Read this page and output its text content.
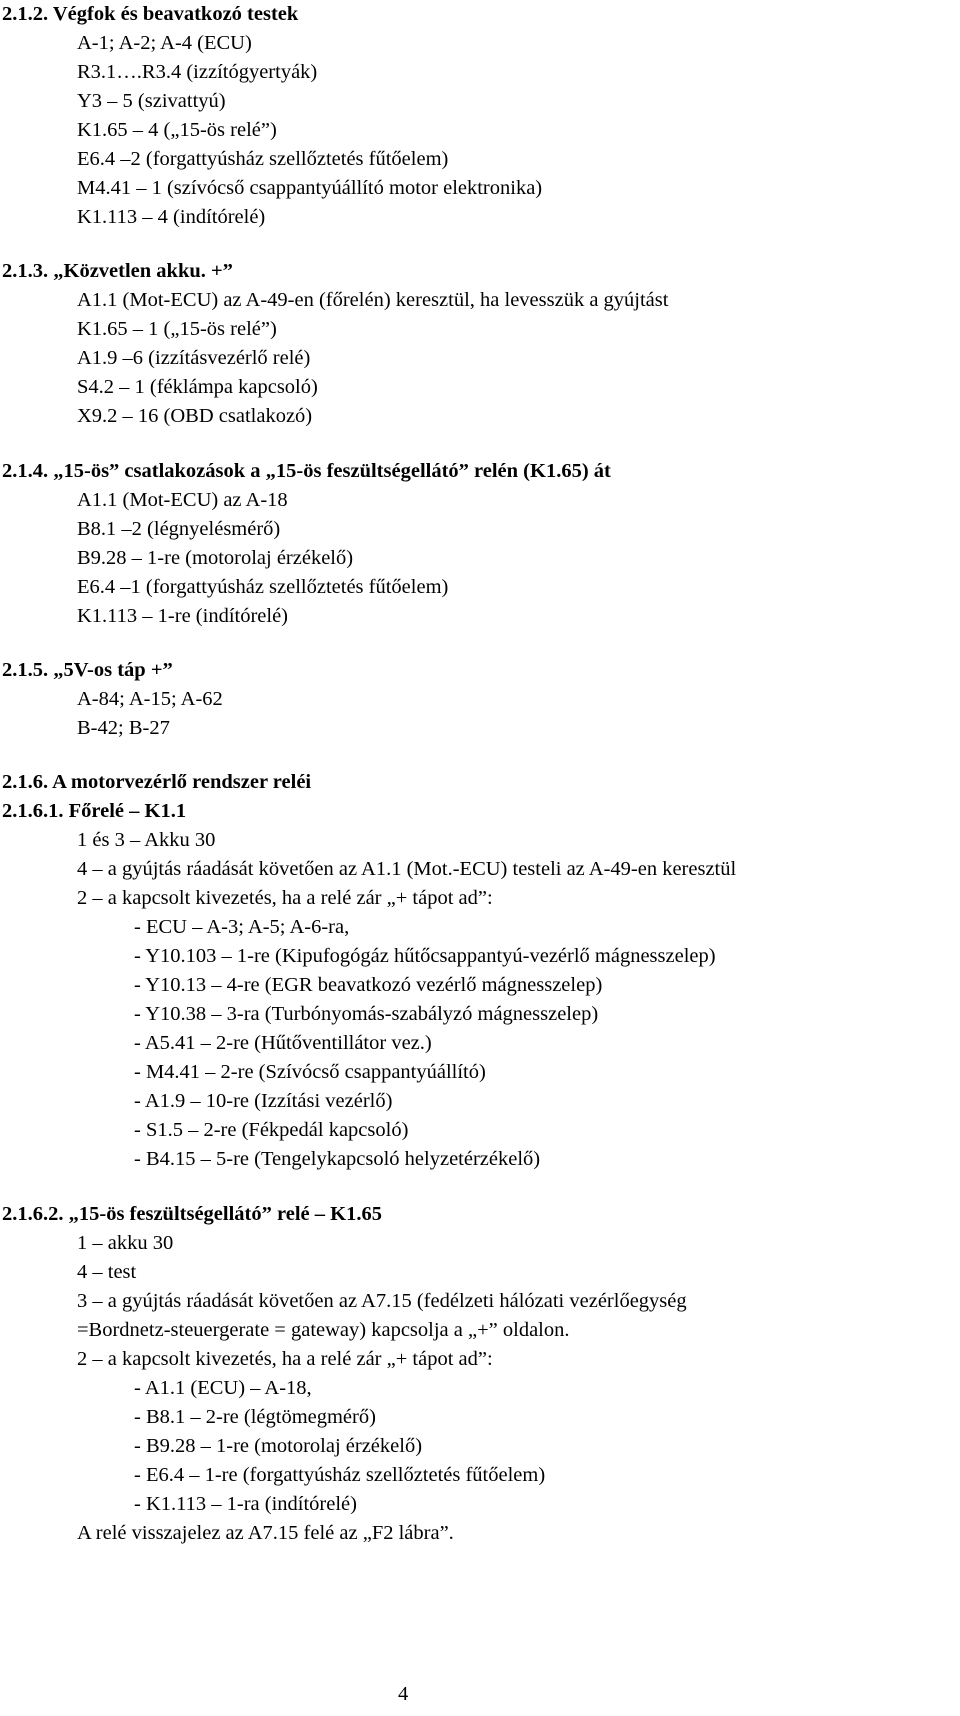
2.1.2. Végfok és beavatkozó testek
A-1; A-2; A-4 (ECU)
R3.1….R3.4 (izzítógyertyák)
Y3 – 5 (szivattyú)
K1.65 – 4 („15-ös relé”)
E6.4 –2 (forgattyúsház szellőztetés fűtőelem)
M4.41 – 1 (szívócső csappantyúállító motor elektronika)
K1.113 – 4 (indítórelé)
2.1.3. „Közvetlen akku. +”
A1.1 (Mot-ECU) az A-49-en (főrelén) keresztül, ha levesszük a gyújtást
K1.65 – 1 („15-ös relé”)
A1.9 –6 (izzításvezérlő relé)
S4.2 – 1 (féklámpa kapcsoló)
X9.2 – 16 (OBD csatlakozó)
2.1.4. „15-ös” csatlakozások a „15-ös feszültségellátó” relén (K1.65) át
A1.1 (Mot-ECU) az A-18
B8.1 –2 (légnyelésmérő)
B9.28 – 1-re (motorolaj érzékelő)
E6.4 –1 (forgattyúsház szellőztetés fűtőelem)
K1.113 – 1-re (indítórelé)
2.1.5. „5V-os táp +”
A-84; A-15; A-62
B-42; B-27
2.1.6. A motorvezérlő rendszer reléi
2.1.6.1. Főrelé – K1.1
1 és 3 – Akku 30
4 – a gyújtás ráadását követően az A1.1 (Mot.-ECU) testeli az A-49-en keresztül
2 – a kapcsolt kivezetés, ha a relé zár „+ tápot ad”:
- ECU – A-3; A-5; A-6-ra,
- Y10.103 – 1-re (Kipufogógáz hűtőcsappantyú-vezérlő mágnesszelep)
- Y10.13 – 4-re (EGR beavatkozó vezérlő mágnesszelep)
- Y10.38 – 3-ra (Turbónyomás-szabályzó mágnesszelep)
- A5.41 – 2-re (Hűtőventillátor vez.)
- M4.41 – 2-re (Szívócső csappantyúállító)
- A1.9 – 10-re (Izzítási vezérlő)
- S1.5 – 2-re (Fékpedál kapcsoló)
- B4.15 – 5-re (Tengelykapcsoló helyzetérzékelő)
2.1.6.2. „15-ös feszültségellátó” relé – K1.65
1 – akku 30
4 – test
3 – a gyújtás ráadását követően az A7.15 (fedélzeti hálózati vezérlőegység
=Bordnetz-steuergerate = gateway) kapcsolja a „+” oldalon.
2 – a kapcsolt kivezetés, ha a relé zár „+ tápot ad”:
- A1.1 (ECU) – A-18,
- B8.1 – 2-re (légtömegmérő)
- B9.28 – 1-re (motorolaj érzékelő)
- E6.4 – 1-re (forgattyúsház szellőztetés fűtőelem)
- K1.113 – 1-ra (indítórelé)
A relé visszajelez az A7.15 felé az „F2 lábra”.
4
